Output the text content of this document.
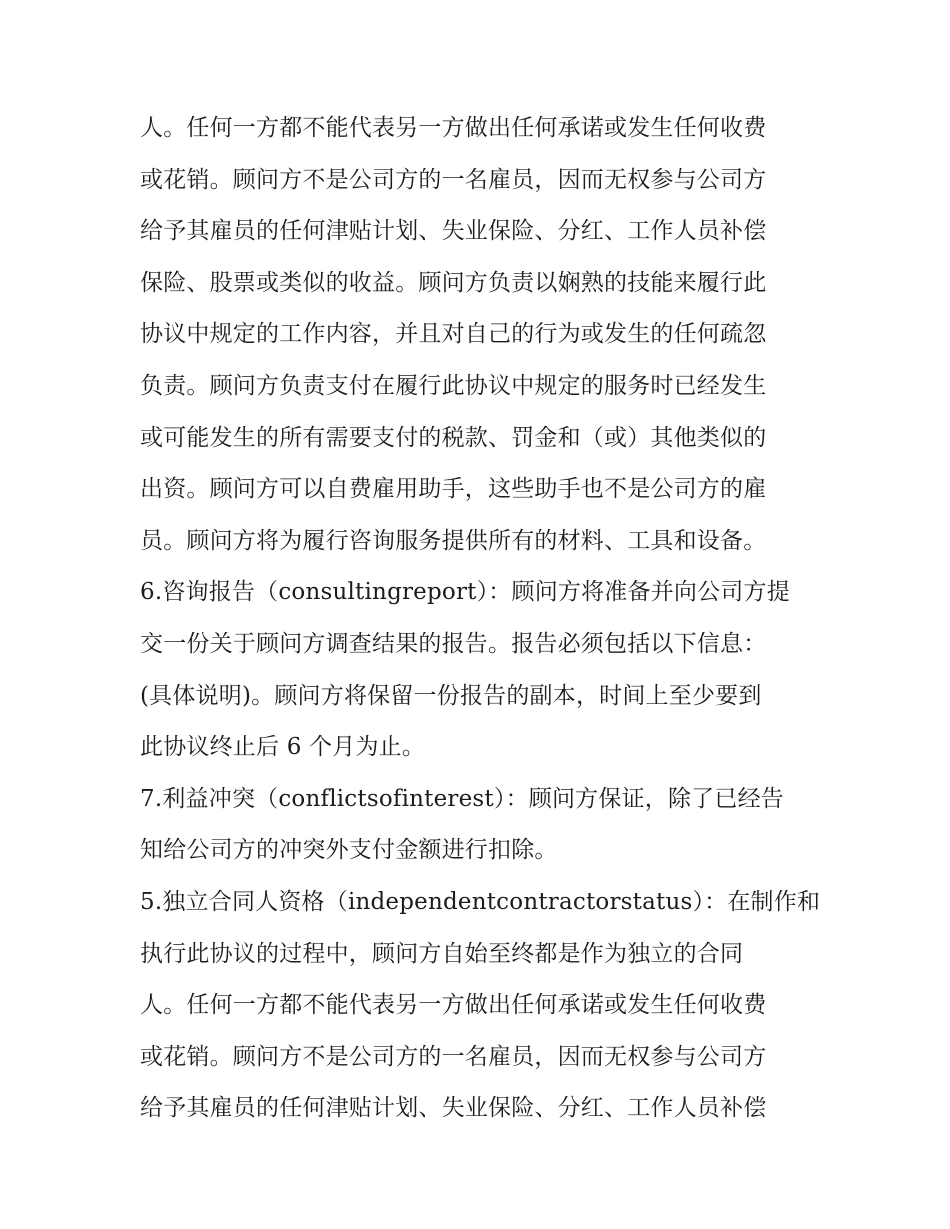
人。任何一方都不能代表另一方做出任何承诺或发生任何收费
或花销。顾问方不是公司方的一名雇员，因而无权参与公司方
给予其雇员的任何津贴计划、失业保险、分红、工作人员补偿
保险、股票或类似的收益。顾问方负责以娴熟的技能来履行此
协议中规定的工作内容，并且对自己的行为或发生的任何疏忽
负责。顾问方负责支付在履行此协议中规定的服务时已经发生
或可能发生的所有需要支付的税款、罚金和（或）其他类似的
出资。顾问方可以自费雇用助手，这些助手也不是公司方的雇
员。顾问方将为履行咨询服务提供所有的材料、工具和设备。
6.咨询报告（consultingreport）：顾问方将准备并向公司方提
交一份关于顾问方调查结果的报告。报告必须包括以下信息：
(具体说明)。顾问方将保留一份报告的副本，时间上至少要到
此协议终止后 6 个月为止。
7.利益冲突（conflictsofinterest）：顾问方保证，除了已经告
知给公司方的冲突外支付金额进行扣除。
5.独立合同人资格（independentcontractorstatus）：在制作和
执行此协议的过程中，顾问方自始至终都是作为独立的合同
人。任何一方都不能代表另一方做出任何承诺或发生任何收费
或花销。顾问方不是公司方的一名雇员，因而无权参与公司方
给予其雇员的任何津贴计划、失业保险、分红、工作人员补偿
